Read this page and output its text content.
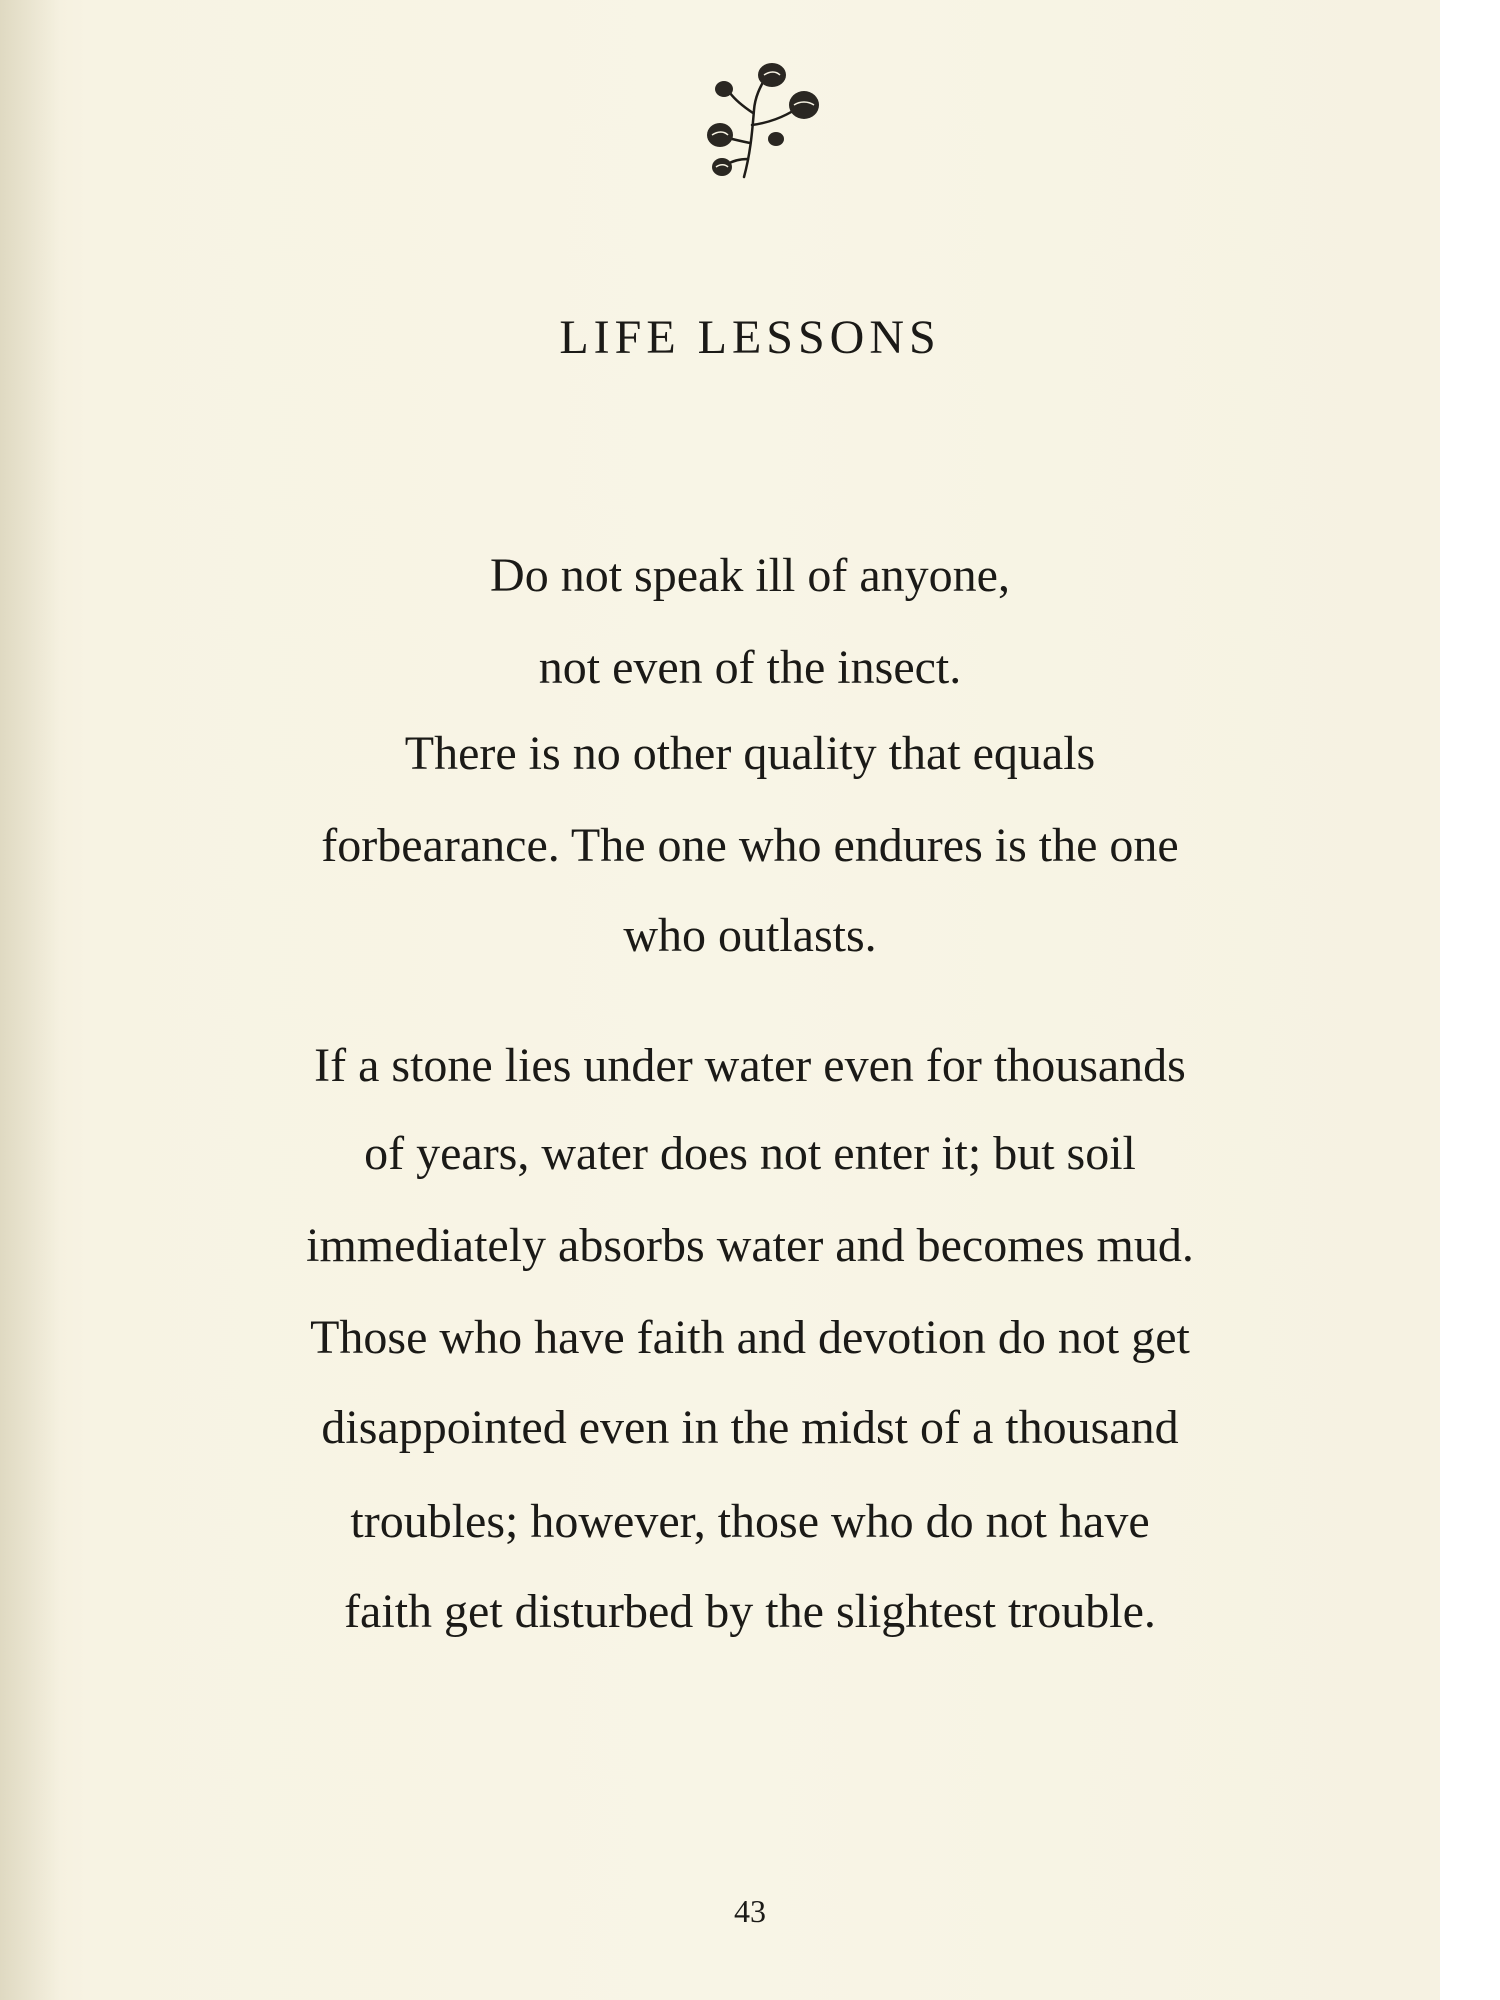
LIFE LESSONS

Do not speak ill of anyone,

not even of the insect.

There is no other quality that equals

forbearance. The one who endures is the one

who outlasts.

If a stone lies under water even for thousands

of years, water does not enter it; but soil

immediately absorbs water and becomes mud.

Those who have faith and devotion do not get

disappointed even in the midst of a thousand

troubles; however, those who do not have

faith get disturbed by the slightest trouble.

43
